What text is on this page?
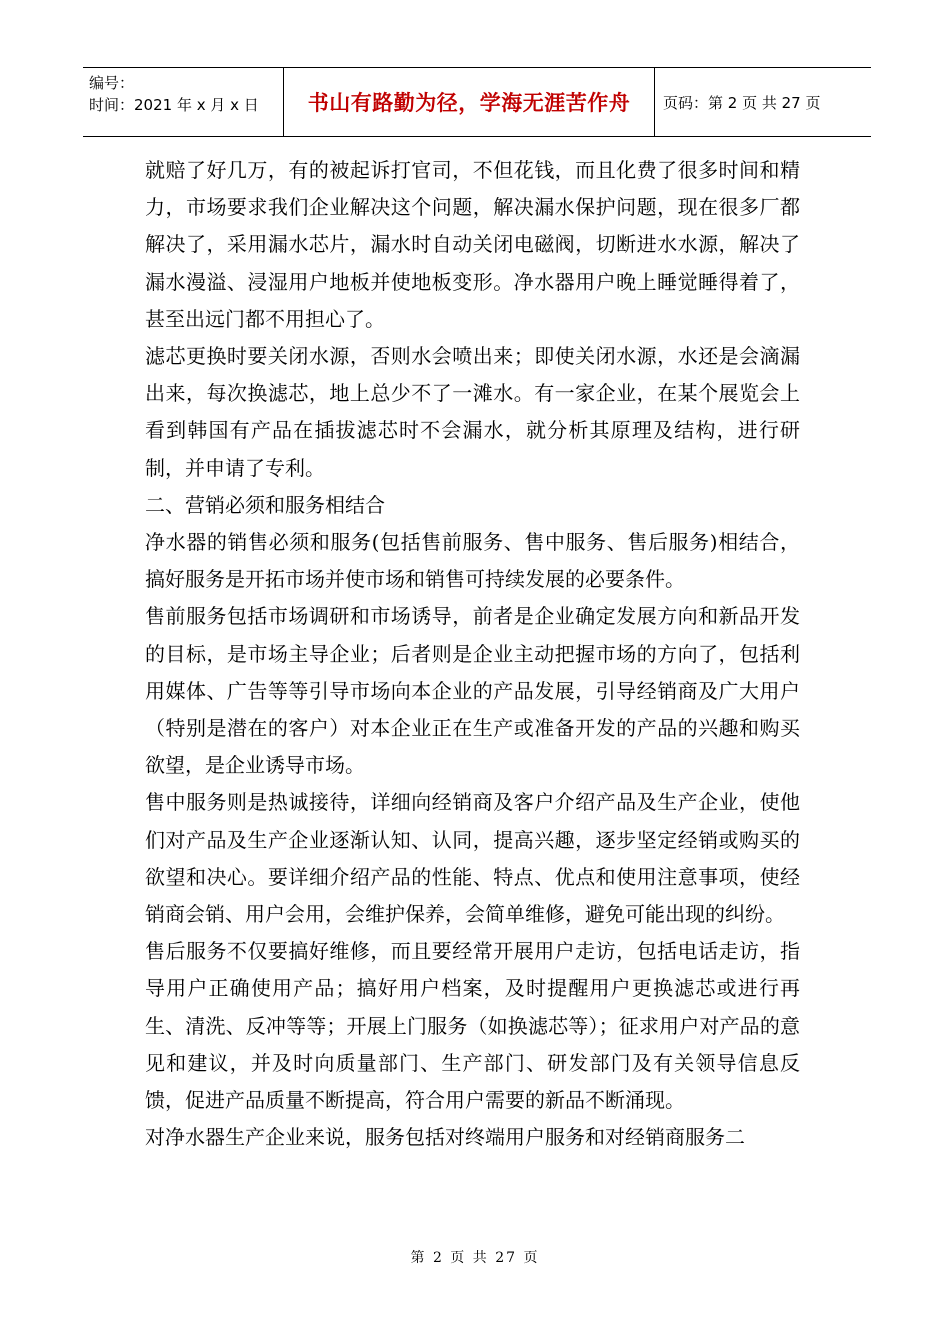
编号：
时间：2021 年 x 月 x 日	书山有路勤为径，学海无涯苦作舟	页码：第 2 页 共 27 页

就赔了好几万，有的被起诉打官司，不但花钱，而且化费了很多时间和精力，市场要求我们企业解决这个问题，解决漏水保护问题，现在很多厂都解决了，采用漏水芯片，漏水时自动关闭电磁阀，切断进水水源，解决了漏水漫溢、浸湿用户地板并使地板变形。净水器用户晚上睡觉睡得着了，甚至出远门都不用担心了。

滤芯更换时要关闭水源，否则水会喷出来；即使关闭水源，水还是会滴漏出来，每次换滤芯，地上总少不了一滩水。有一家企业，在某个展览会上看到韩国有产品在插拔滤芯时不会漏水，就分析其原理及结构，进行研制，并申请了专利。

二、营销必须和服务相结合

净水器的销售必须和服务(包括售前服务、售中服务、售后服务)相结合，搞好服务是开拓市场并使市场和销售可持续发展的必要条件。

售前服务包括市场调研和市场诱导，前者是企业确定发展方向和新品开发的目标，是市场主导企业；后者则是企业主动把握市场的方向了，包括利用媒体、广告等等引导市场向本企业的产品发展，引导经销商及广大用户（特别是潜在的客户）对本企业正在生产或准备开发的产品的兴趣和购买欲望，是企业诱导市场。

售中服务则是热诚接待，详细向经销商及客户介绍产品及生产企业，使他们对产品及生产企业逐渐认知、认同，提高兴趣，逐步坚定经销或购买的欲望和决心。要详细介绍产品的性能、特点、优点和使用注意事项，使经销商会销、用户会用，会维护保养，会简单维修，避免可能出现的纠纷。

售后服务不仅要搞好维修，而且要经常开展用户走访，包括电话走访，指导用户正确使用产品；搞好用户档案，及时提醒用户更换滤芯或进行再生、清洗、反冲等等；开展上门服务（如换滤芯等）；征求用户对产品的意见和建议，并及时向质量部门、生产部门、研发部门及有关领导信息反馈，促进产品质量不断提高，符合用户需要的新品不断涌现。

对净水器生产企业来说，服务包括对终端用户服务和对经销商服务二

第 2 页 共 27 页
